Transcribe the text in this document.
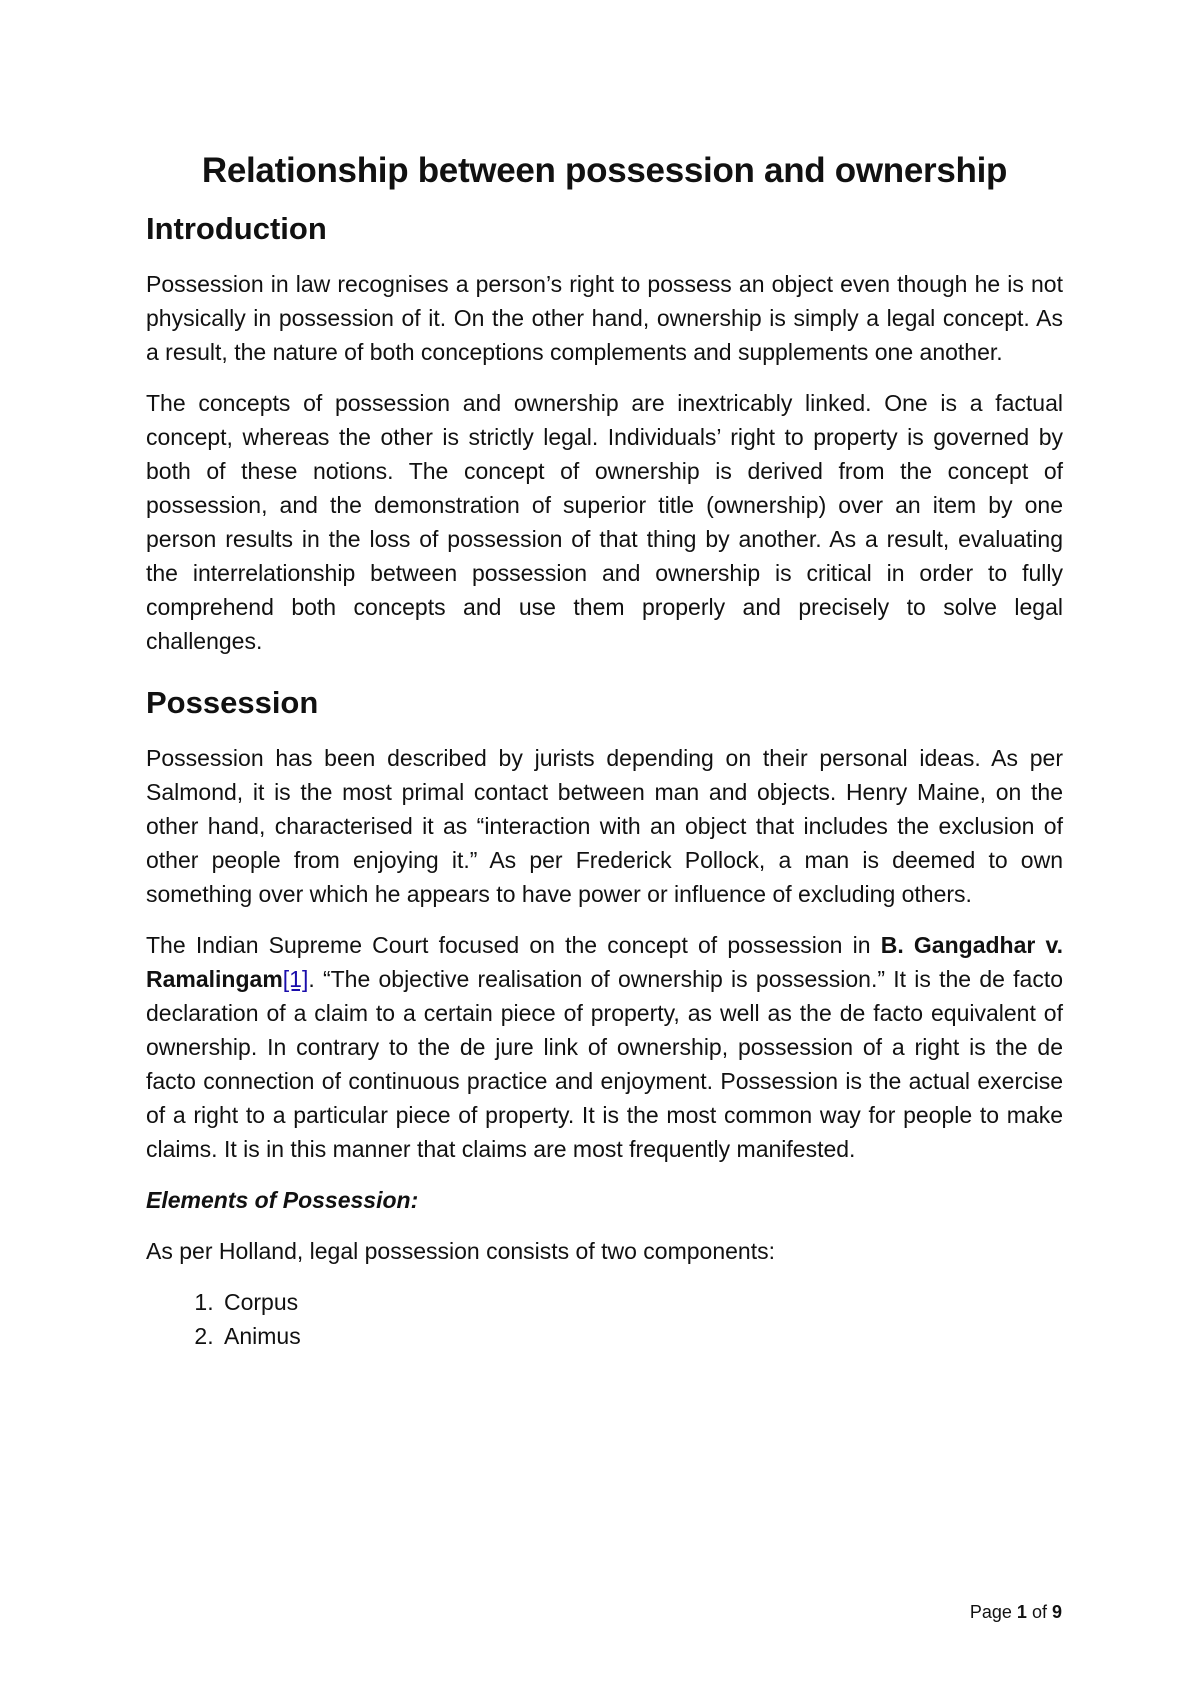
Relationship between possession and ownership
Introduction

Possession in law recognises a person’s right to possess an object even though he is not physically in possession of it. On the other hand, ownership is simply a legal concept. As a result, the nature of both conceptions complements and supplements one another.

The concepts of possession and ownership are inextricably linked. One is a factual concept, whereas the other is strictly legal. Individuals’ right to property is governed by both of these notions. The concept of ownership is derived from the concept of possession, and the demonstration of superior title (ownership) over an item by one person results in the loss of possession of that thing by another. As a result, evaluating the interrelationship between possession and ownership is critical in order to fully comprehend both concepts and use them properly and precisely to solve legal challenges.

Possession

Possession has been described by jurists depending on their personal ideas. As per Salmond, it is the most primal contact between man and objects. Henry Maine, on the other hand, characterised it as “interaction with an object that includes the exclusion of other people from enjoying it.” As per Frederick Pollock, a man is deemed to own something over which he appears to have power or influence of excluding others.

The Indian Supreme Court focused on the concept of possession in B. Gangadhar v. Ramalingam[1]. “The objective realisation of ownership is possession.” It is the de facto declaration of a claim to a certain piece of property, as well as the de facto equivalent of ownership. In contrary to the de jure link of ownership, possession of a right is the de facto connection of continuous practice and enjoyment. Possession is the actual exercise of a right to a particular piece of property. It is the most common way for people to make claims. It is in this manner that claims are most frequently manifested.

Elements of Possession:

As per Holland, legal possession consists of two components:

1. Corpus
2. Animus
Page 1 of 9
